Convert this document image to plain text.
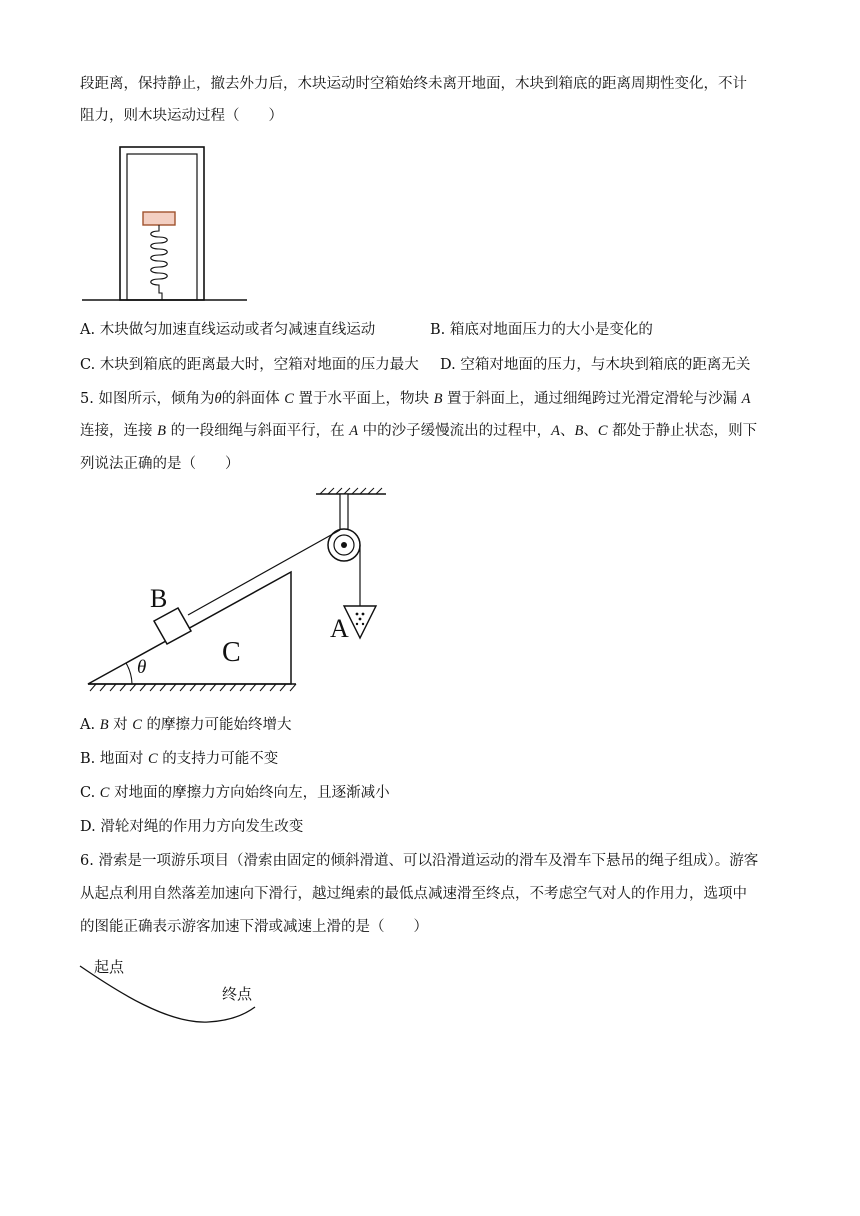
段距离，保持静止，撤去外力后，木块运动时空箱始终未离开地面，木块到箱底的距离周期性变化，不计
阻力，则木块运动过程（　　）
A. 木块做匀加速直线运动或者匀减速直线运动	B. 箱底对地面压力的大小是变化的
C. 木块到箱底的距离最大时，空箱对地面的压力最大 D. 空箱对地面的压力，与木块到箱底的距离无关
5. 如图所示，倾角为θ的斜面体 C 置于水平面上，物块 B 置于斜面上，通过细绳跨过光滑定滑轮与沙漏 A
连接，连接 B 的一段细绳与斜面平行，在 A 中的沙子缓慢流出的过程中，A、B、C 都处于静止状态，则下
列说法正确的是（　　）
B
C
A
θ
A. B 对 C 的摩擦力可能始终增大
B. 地面对 C 的支持力可能不变
C. C 对地面的摩擦力方向始终向左，且逐渐减小
D. 滑轮对绳的作用力方向发生改变
6. 滑索是一项游乐项目（滑索由固定的倾斜滑道、可以沿滑道运动的滑车及滑车下悬吊的绳子组成）。游客
从起点利用自然落差加速向下滑行，越过绳索的最低点减速滑至终点，不考虑空气对人的作用力，选项中
的图能正确表示游客加速下滑或减速上滑的是（　　）
起点
终点
